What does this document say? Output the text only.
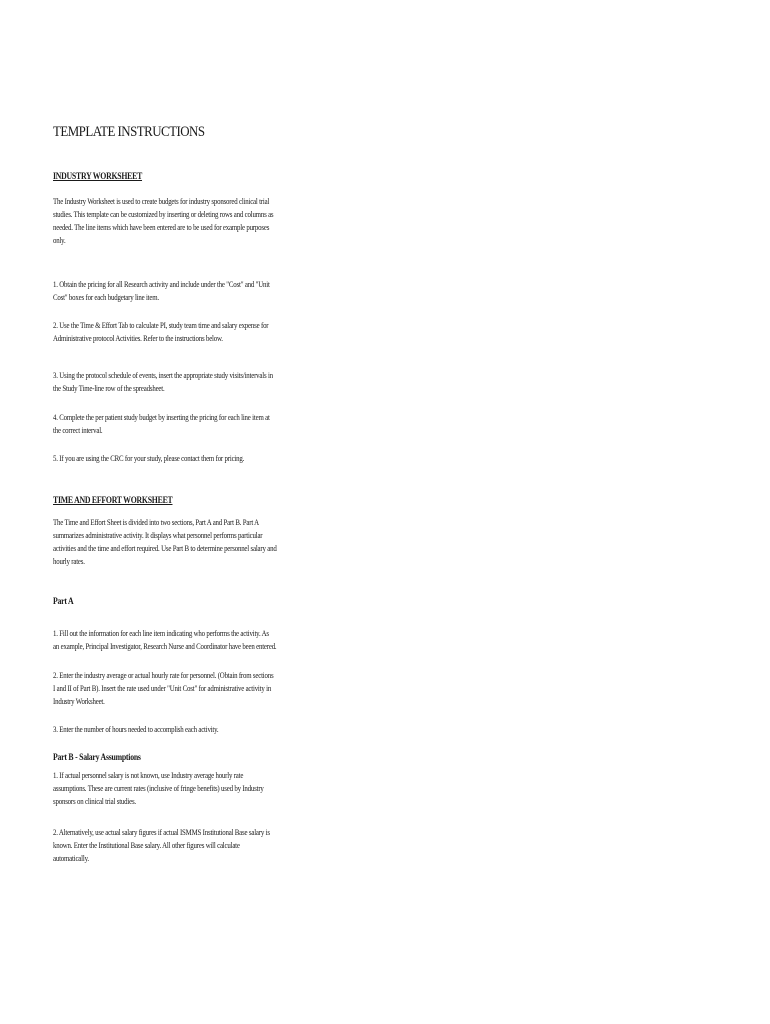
TEMPLATE INSTRUCTIONS
INDUSTRY WORKSHEET
The Industry Worksheet is used to create budgets for industry sponsored clinical trial
studies. This template can be customized by inserting or deleting rows and columns as
needed. The line items which have been entered are to be used for example purposes
only.
1. Obtain the pricing for all Research activity and include under the "Cost" and "Unit
Cost" boxes for each budgetary line item.
2. Use the Time & Effort Tab to calculate PI, study team time and salary expense for
Administrative protocol Activities. Refer to the instructions below.
3. Using the protocol schedule of events, insert the appropriate study visits/intervals in
the Study Time-line row of the spreadsheet.
4. Complete the per patient study budget by inserting the pricing for each line item at
the correct interval.
5. If you are using the CRC for your study, please contact them for pricing.
TIME AND EFFORT WORKSHEET
The Time and Effort Sheet is divided into two sections, Part A and Part B. Part A
summarizes administrative activity. It displays what personnel performs particular
activities and the time and effort required. Use Part B to determine personnel salary and
hourly rates.
Part A
1. Fill out the information for each line item indicating who performs the activity. As
an example, Principal Investigator, Research Nurse and Coordinator have been entered.
2. Enter the industry average or actual hourly rate for personnel. (Obtain from sections
I and II of Part B). Insert the rate used under "Unit Cost" for administrative activity in
Industry Worksheet.
3. Enter the number of hours needed to accomplish each activity.
Part B - Salary Assumptions
1. If actual personnel salary is not known, use Industry average hourly rate
assumptions. These are current rates (inclusive of fringe benefits) used by Industry
sponsors on clinical trial studies.
2. Alternatively, use actual salary figures if actual ISMMS Institutional Base salary is
known. Enter the Institutional Base salary. All other figures will calculate
automatically.
